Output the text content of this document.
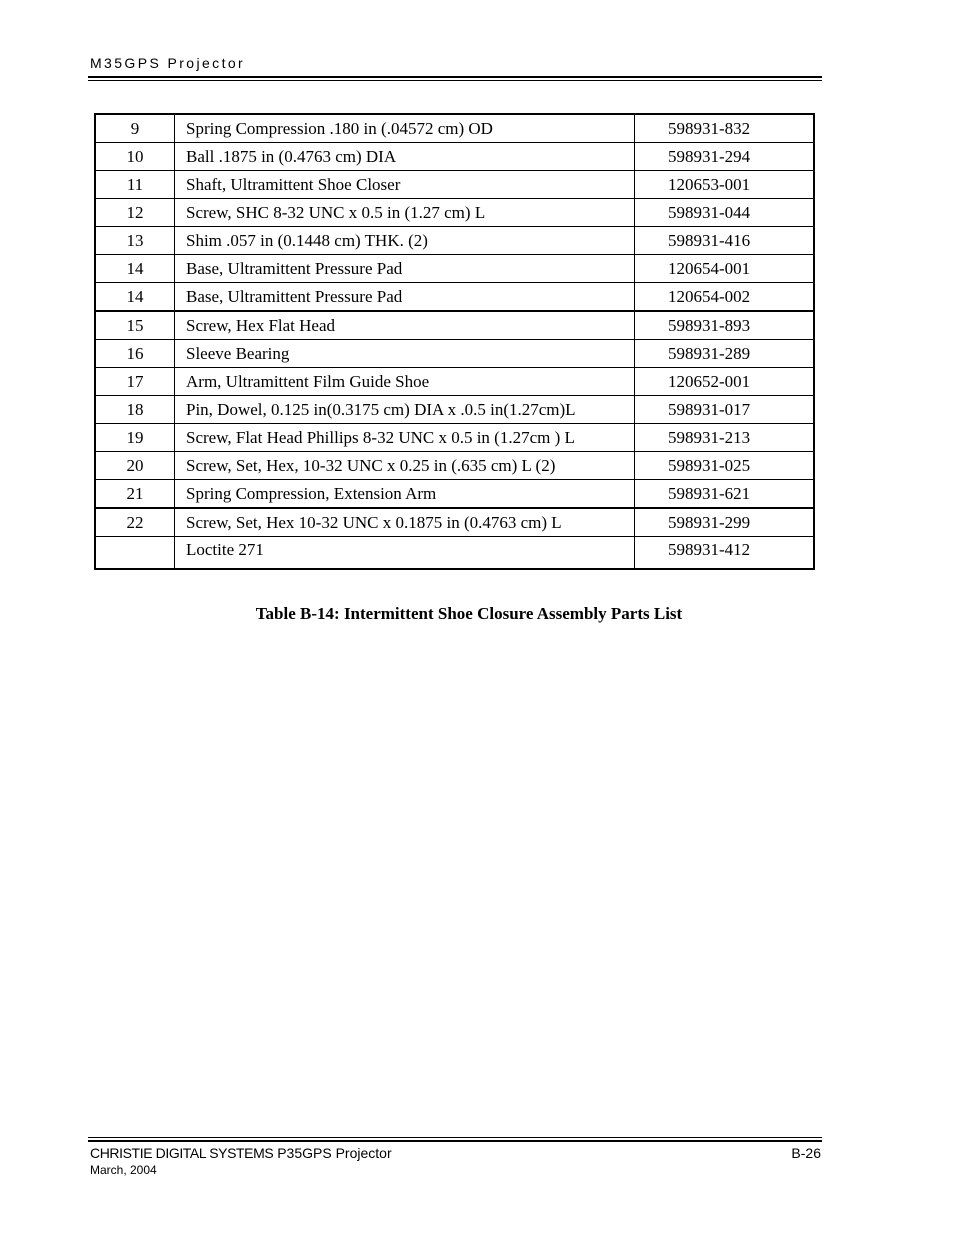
M35GPS Projector
9	Spring Compression .180 in (.04572 cm) OD	598931-832
10	Ball .1875 in (0.4763 cm) DIA	598931-294
11	Shaft, Ultramittent Shoe Closer	120653-001
12	Screw, SHC 8-32 UNC x 0.5 in (1.27 cm) L	598931-044
13	Shim .057 in (0.1448 cm) THK. (2)	598931-416
14	Base, Ultramittent Pressure Pad	120654-001
14	Base, Ultramittent Pressure Pad	120654-002
15	Screw, Hex Flat Head	598931-893
16	Sleeve Bearing	598931-289
17	Arm, Ultramittent Film Guide Shoe	120652-001
18	Pin, Dowel, 0.125 in(0.3175 cm) DIA x .0.5 in(1.27cm)L	598931-017
19	Screw, Flat Head Phillips 8-32 UNC x 0.5 in (1.27cm ) L	598931-213
20	Screw, Set, Hex, 10-32 UNC x 0.25 in (.635 cm) L (2)	598931-025
21	Spring Compression, Extension Arm	598931-621
22	Screw, Set, Hex 10-32 UNC x 0.1875 in (0.4763 cm) L	598931-299
	Loctite 271	598931-412
Table B-14: Intermittent Shoe Closure Assembly Parts List
CHRISTIE DIGITAL SYSTEMS P35GPS Projector
March, 2004
B-26
